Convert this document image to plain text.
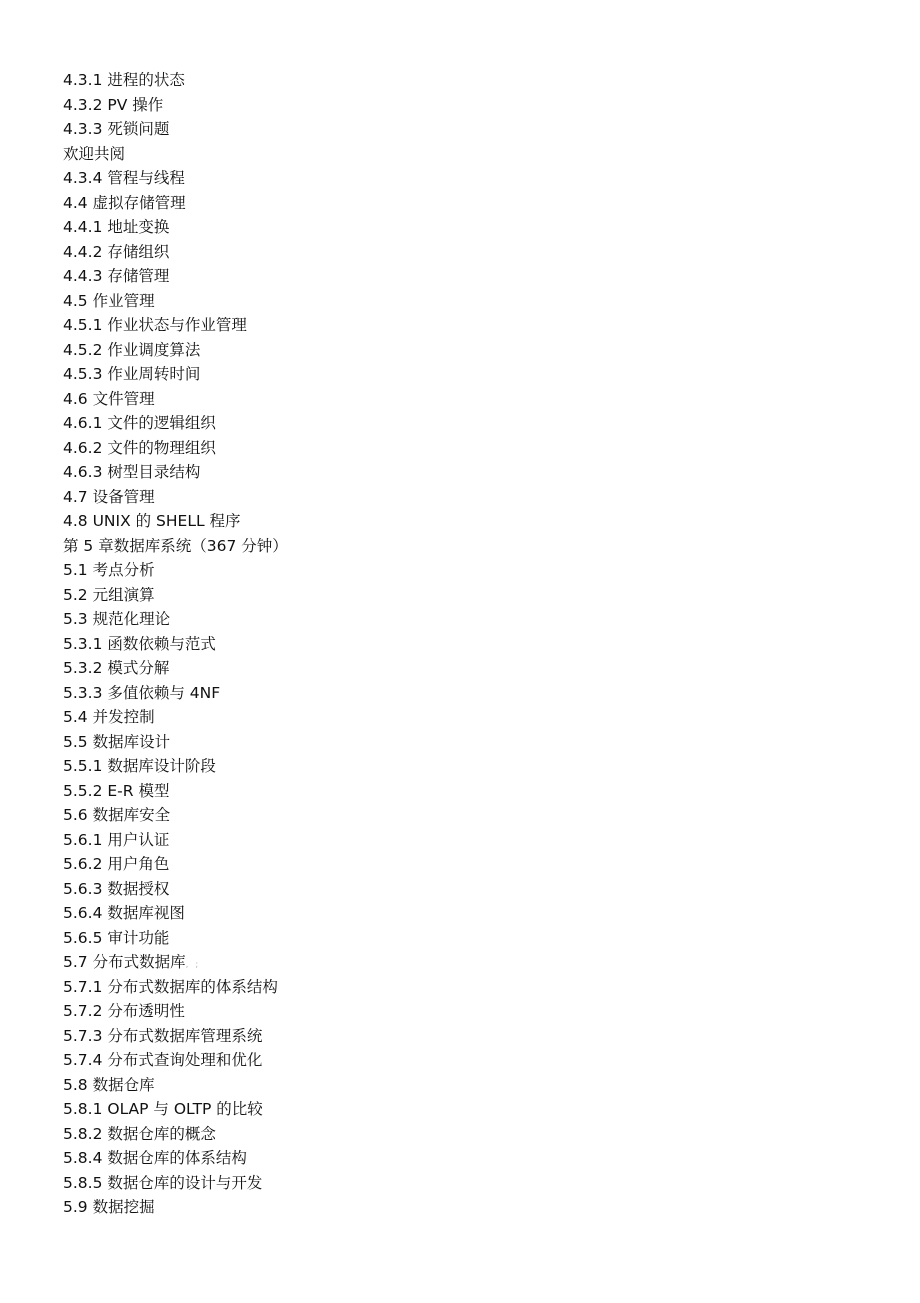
4.3.1 进程的状态
4.3.2 PV 操作
4.3.3 死锁问题
欢迎共阅
4.3.4 管程与线程
4.4 虚拟存储管理
4.4.1 地址变换
4.4.2 存储组织
4.4.3 存储管理
4.5 作业管理
4.5.1 作业状态与作业管理
4.5.2 作业调度算法
4.5.3 作业周转时间
4.6 文件管理
4.6.1 文件的逻辑组织
4.6.2 文件的物理组织
4.6.3 树型目录结构
4.7 设备管理
4.8 UNIX 的 SHELL 程序
第 5 章数据库系统（367 分钟）
5.1 考点分析
5.2 元组演算
5.3 规范化理论
5.3.1 函数依赖与范式
5.3.2 模式分解
5.3.3 多值依赖与 4NF
5.4 并发控制
5.5 数据库设计
5.5.1 数据库设计阶段
5.5.2 E-R 模型
5.6 数据库安全
5.6.1 用户认证
5.6.2 用户角色
5.6.3 数据授权
5.6.4 数据库视图
5.6.5 审计功能
5.7 分布式数据库, ;
5.7.1 分布式数据库的体系结构
5.7.2 分布透明性
5.7.3 分布式数据库管理系统
5.7.4 分布式查询处理和优化
5.8 数据仓库
5.8.1 OLAP 与 OLTP 的比较
5.8.2 数据仓库的概念
5.8.4 数据仓库的体系结构
5.8.5 数据仓库的设计与开发
5.9 数据挖掘
